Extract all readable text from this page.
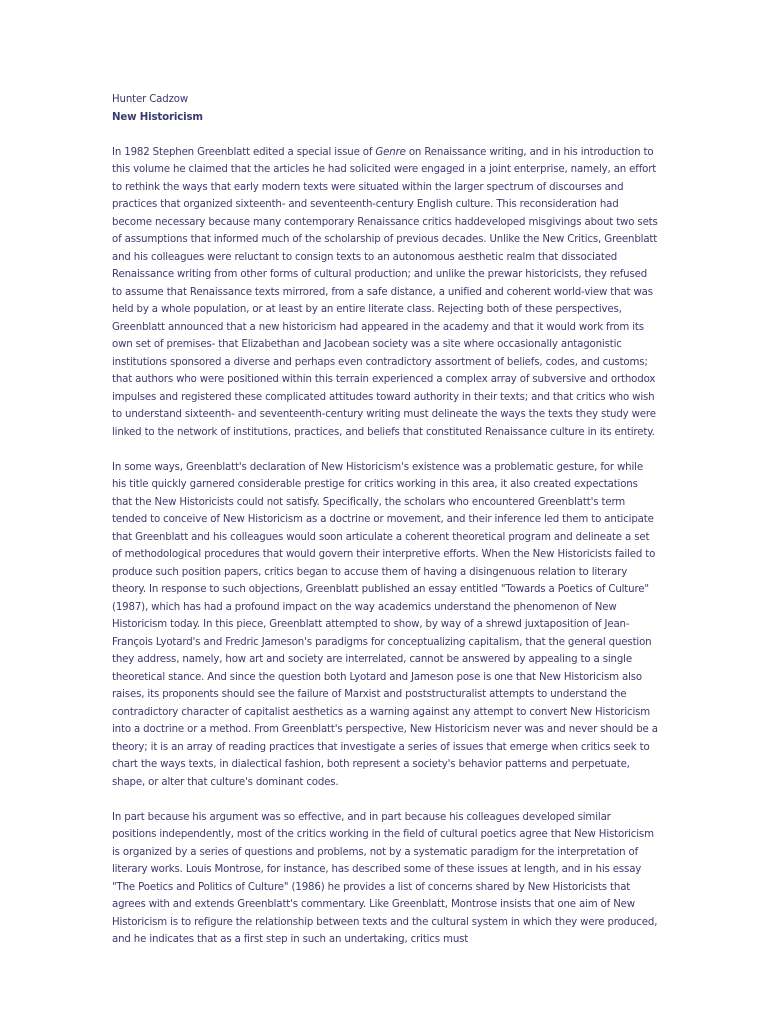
Hunter Cadzow
New Historicism

In 1982 Stephen Greenblatt edited a special issue of Genre on Renaissance writing, and in his introduction to this volume he claimed that the articles he had solicited were engaged in a joint enterprise, namely, an effort to rethink the ways that early modern texts were situated within the larger spectrum of discourses and practices that organized sixteenth- and seventeenth-century English culture. This reconsideration had become necessary because many contemporary Renaissance critics haddeveloped misgivings about two sets of assumptions that informed much of the scholarship of previous decades. Unlike the New Critics, Greenblatt and his colleagues were reluctant to consign texts to an autonomous aesthetic realm that dissociated Renaissance writing from other forms of cultural production; and unlike the prewar historicists, they refused to assume that Renaissance texts mirrored, from a safe distance, a unified and coherent world-view that was held by a whole population, or at least by an entire literate class. Rejecting both of these perspectives, Greenblatt announced that a new historicism had appeared in the academy and that it would work from its own set of premises- that Elizabethan and Jacobean society was a site where occasionally antagonistic institutions sponsored a diverse and perhaps even contradictory assortment of beliefs, codes, and customs; that authors who were positioned within this terrain experienced a complex array of subversive and orthodox impulses and registered these complicated attitudes toward authority in their texts; and that critics who wish to understand sixteenth- and seventeenth-century writing must delineate the ways the texts they study were linked to the network of institutions, practices, and beliefs that constituted Renaissance culture in its entirety.

In some ways, Greenblatt's declaration of New Historicism's existence was a problematic gesture, for while his title quickly garnered considerable prestige for critics working in this area, it also created expectations that the New Historicists could not satisfy. Specifically, the scholars who encountered Greenblatt's term tended to conceive of New Historicism as a doctrine or movement, and their inference led them to anticipate that Greenblatt and his colleagues would soon articulate a coherent theoretical program and delineate a set of methodological procedures that would govern their interpretive efforts. When the New Historicists failed to produce such position papers, critics began to accuse them of having a disingenuous relation to literary theory. In response to such objections, Greenblatt published an essay entitled "Towards a Poetics of Culture" (1987), which has had a profound impact on the way academics understand the phenomenon of New Historicism today. In this piece, Greenblatt attempted to show, by way of a shrewd juxtaposition of Jean-François Lyotard's and Fredric Jameson's paradigms for conceptualizing capitalism, that the general question they address, namely, how art and society are interrelated, cannot be answered by appealing to a single theoretical stance. And since the question both Lyotard and Jameson pose is one that New Historicism also raises, its proponents should see the failure of Marxist and poststructuralist attempts to understand the contradictory character of capitalist aesthetics as a warning against any attempt to convert New Historicism into a doctrine or a method. From Greenblatt's perspective, New Historicism never was and never should be a theory; it is an array of reading practices that investigate a series of issues that emerge when critics seek to chart the ways texts, in dialectical fashion, both represent a society's behavior patterns and perpetuate, shape, or alter that culture's dominant codes.

In part because his argument was so effective, and in part because his colleagues developed similar positions independently, most of the critics working in the field of cultural poetics agree that New Historicism is organized by a series of questions and problems, not by a systematic paradigm for the interpretation of literary works. Louis Montrose, for instance, has described some of these issues at length, and in his essay "The Poetics and Politics of Culture" (1986) he provides a list of concerns shared by New Historicists that agrees with and extends Greenblatt's commentary. Like Greenblatt, Montrose insists that one aim of New Historicism is to refigure the relationship between texts and the cultural system in which they were produced, and he indicates that as a first step in such an undertaking, critics must
